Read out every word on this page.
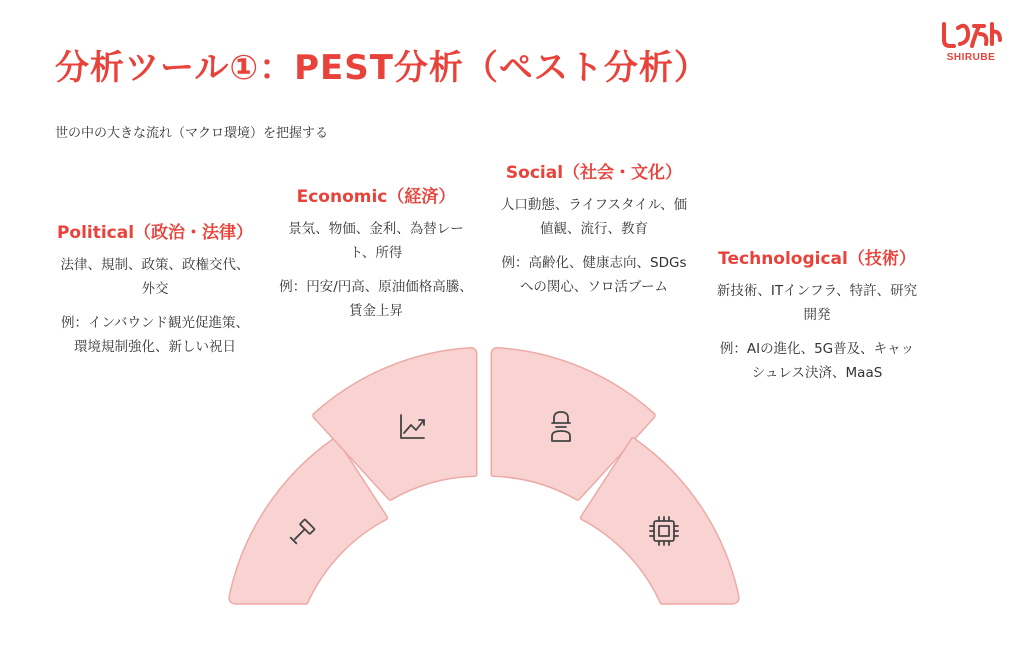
分析ツール①：PEST分析（ペスト分析）	SHIRUBE
世の中の大きな流れ（マクロ環境）を把握する
Political（政治・法律）
法律、規制、政策、政権交代、外交
例：インバウンド観光促進策、環境規制強化、新しい祝日
Economic（経済）
景気、物価、金利、為替レート、所得
例：円安/円高、原油価格高騰、賃金上昇
Social（社会・文化）
人口動態、ライフスタイル、価値観、流行、教育
例：高齢化、健康志向、SDGsへの関心、ソロ活ブーム
Technological（技術）
新技術、ITインフラ、特許、研究開発
例：AIの進化、5G普及、キャッシュレス決済、MaaS
